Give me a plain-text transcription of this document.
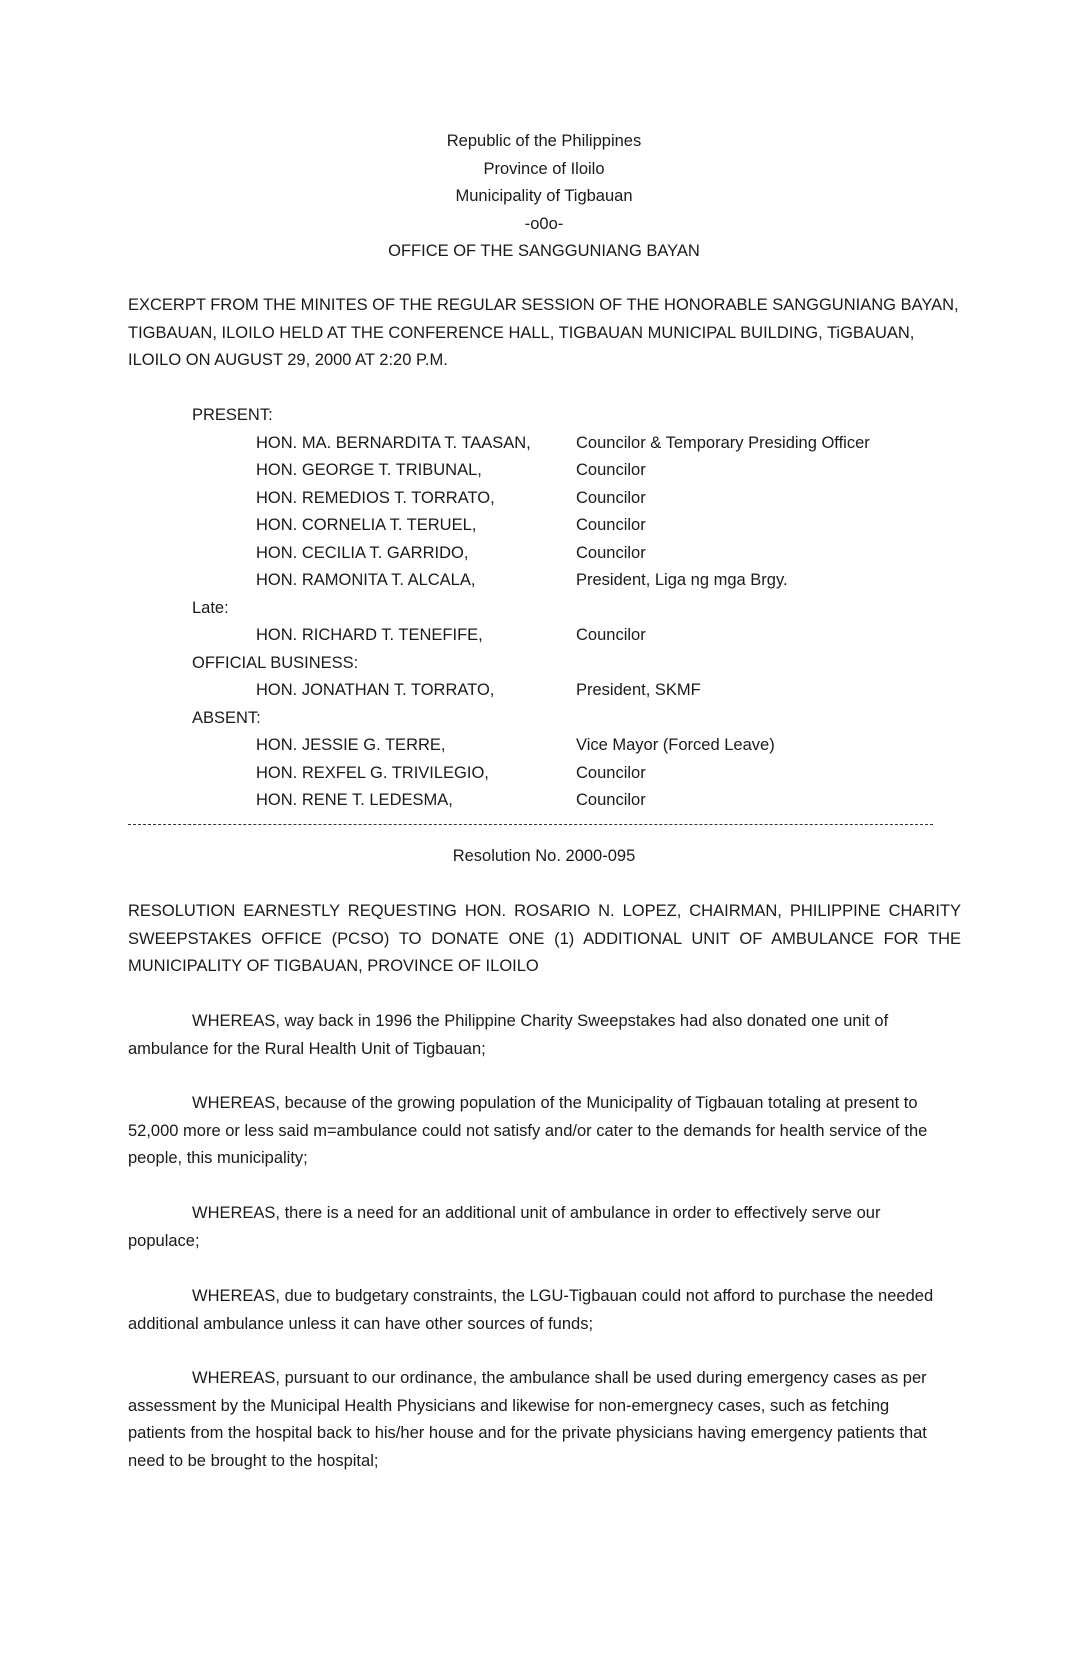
Republic of the Philippines
Province of Iloilo
Municipality of Tigbauan
-o0o-
OFFICE OF THE SANGGUNIANG BAYAN
EXCERPT FROM THE MINITES OF THE REGULAR SESSION OF THE HONORABLE SANGGUNIANG BAYAN, TIGBAUAN, ILOILO HELD AT THE CONFERENCE HALL, TIGBAUAN MUNICIPAL BUILDING, TiGBAUAN, ILOILO ON AUGUST 29, 2000 AT 2:20 P.M.
PRESENT:
HON. MA. BERNARDITA T. TAASAN,	Councilor & Temporary Presiding Officer
HON. GEORGE T. TRIBUNAL,	Councilor
HON. REMEDIOS T. TORRATO,	Councilor
HON. CORNELIA T. TERUEL,	Councilor
HON. CECILIA T. GARRIDO,	Councilor
HON. RAMONITA T. ALCALA,	President, Liga ng mga Brgy.
Late:
HON. RICHARD T. TENEFIFE,	Councilor
OFFICIAL BUSINESS:
HON. JONATHAN T. TORRATO,	President, SKMF
ABSENT:
HON. JESSIE G. TERRE,	Vice Mayor (Forced Leave)
HON. REXFEL G. TRIVILEGIO,	Councilor
HON. RENE T. LEDESMA,	Councilor
Resolution No. 2000-095
RESOLUTION EARNESTLY REQUESTING HON. ROSARIO N. LOPEZ, CHAIRMAN, PHILIPPINE CHARITY SWEEPSTAKES OFFICE (PCSO) TO DONATE ONE (1) ADDITIONAL UNIT OF AMBULANCE FOR THE MUNICIPALITY OF TIGBAUAN, PROVINCE OF ILOILO

WHEREAS, way back in 1996 the Philippine Charity Sweepstakes had also donated one unit of ambulance for the Rural Health Unit of Tigbauan;

WHEREAS, because of the growing population of the Municipality of Tigbauan totaling at present to 52,000 more or less said m=ambulance could not satisfy and/or cater to the demands for health service of the people, this municipality;

WHEREAS, there is a need for an additional unit of ambulance in order to effectively serve our populace;

WHEREAS, due to budgetary constraints, the LGU-Tigbauan could not afford to purchase the needed additional ambulance unless it can have other sources of funds;

WHEREAS, pursuant to our ordinance, the ambulance shall be used during emergency cases as per assessment by the Municipal Health Physicians and likewise for non-emergnecy cases, such as fetching patients from the hospital back to his/her house and for the private physicians having emergency patients that need to be brought to the hospital;
